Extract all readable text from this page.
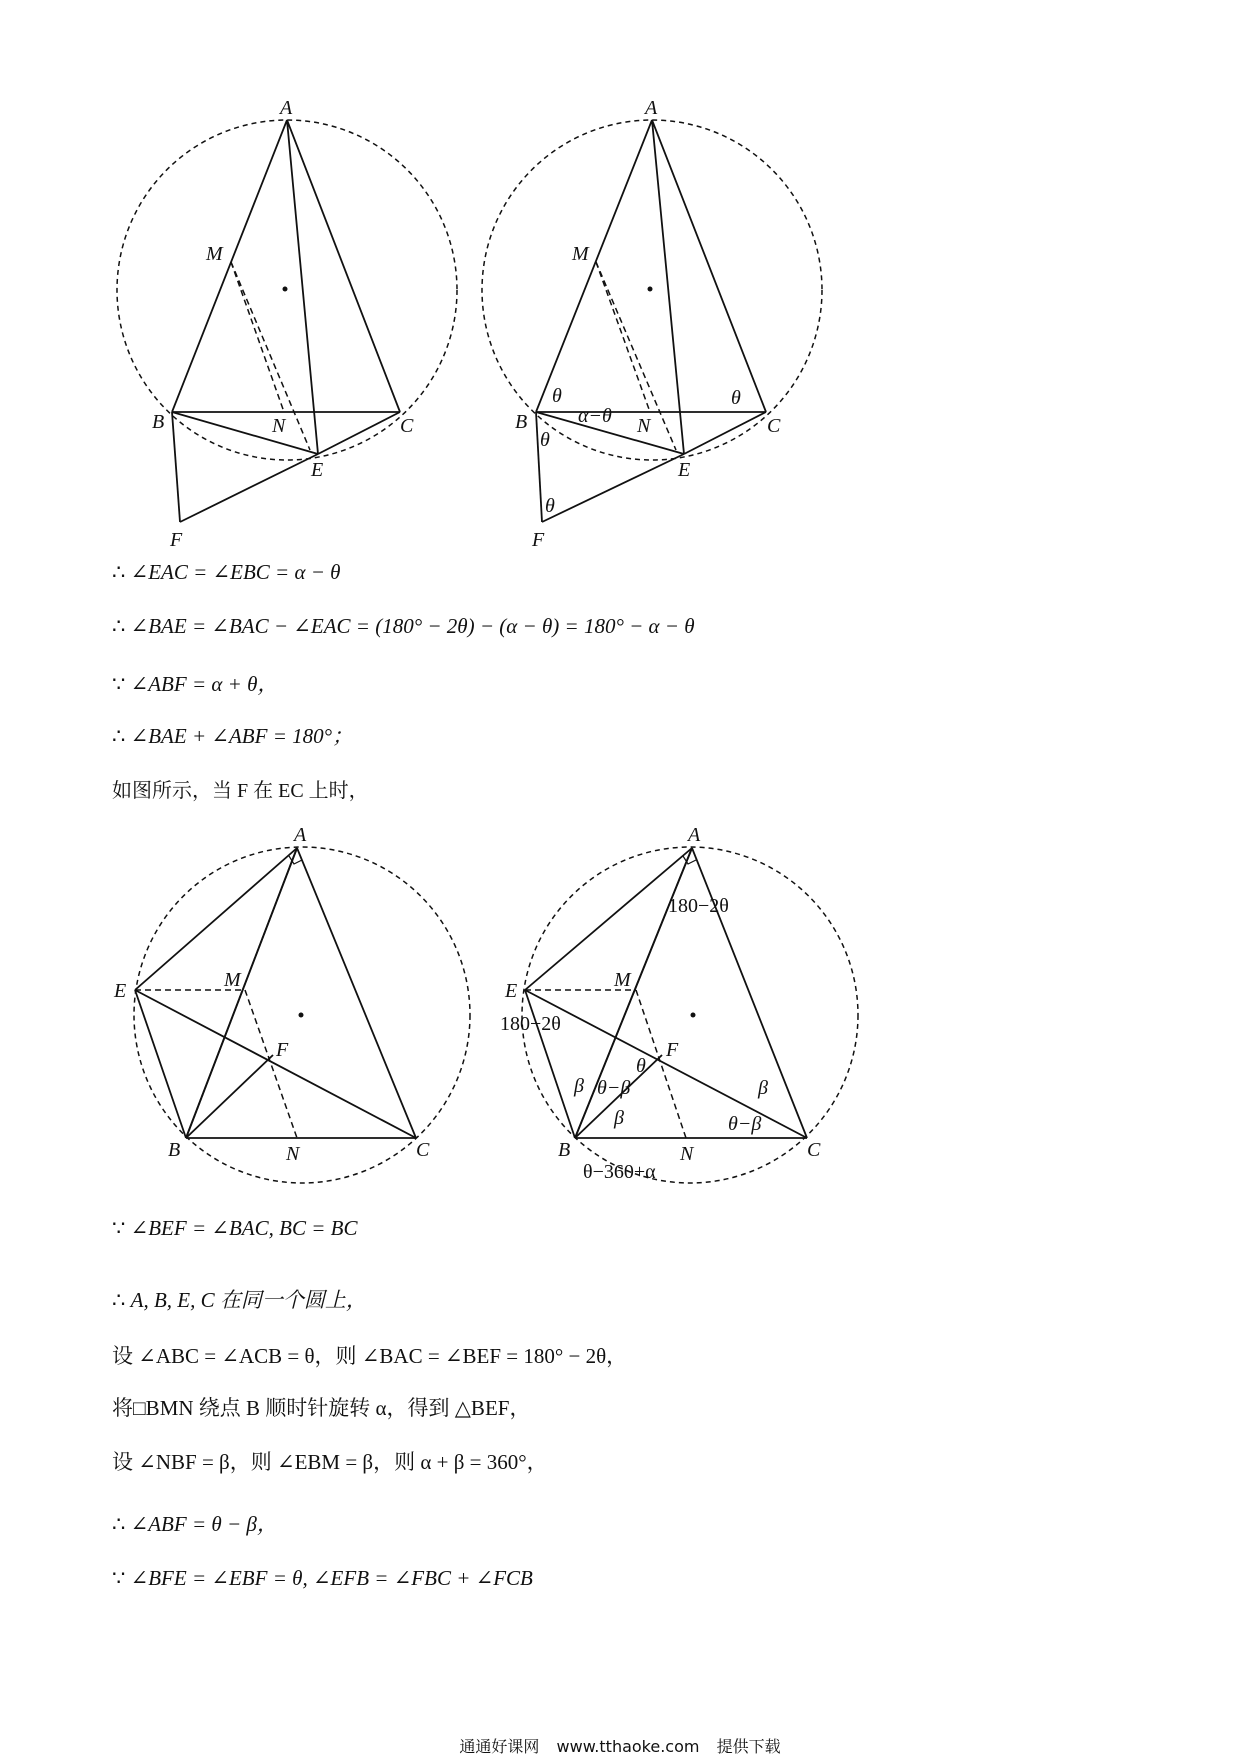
A
M
B	N	C
E
F
A
M
B	N	C
E
F
θ	θ
α−θ
θ
θ
∴ ∠EAC = ∠EBC = α − θ
∴ ∠BAE = ∠BAC − ∠EAC = (180° − 2θ) − (α − θ) = 180° − α − θ
∵ ∠ABF = α + θ，
∴ ∠BAE + ∠ABF = 180°；
如图所示，当 F 在 EC 上时，
A
E	M
F
B	N	C
A
E	M
F
B	N	C
180−2θ
180−2θ
θ
β θ−β
β
β
θ−β
θ−360+α
∵ ∠BEF = ∠BAC, BC = BC
∴ A, B, E, C 在同一个圆上，
设 ∠ABC = ∠ACB = θ，则 ∠BAC = ∠BEF = 180° − 2θ，
将□BMN 绕点 B 顺时针旋转 α，得到 △BEF，
设 ∠NBF = β，则 ∠EBM = β，则 α + β = 360°，
∴ ∠ABF = θ − β，
∵ ∠BFE = ∠EBF = θ, ∠EFB = ∠FBC + ∠FCB
通通好课网 www.tthaoke.com 提供下载
